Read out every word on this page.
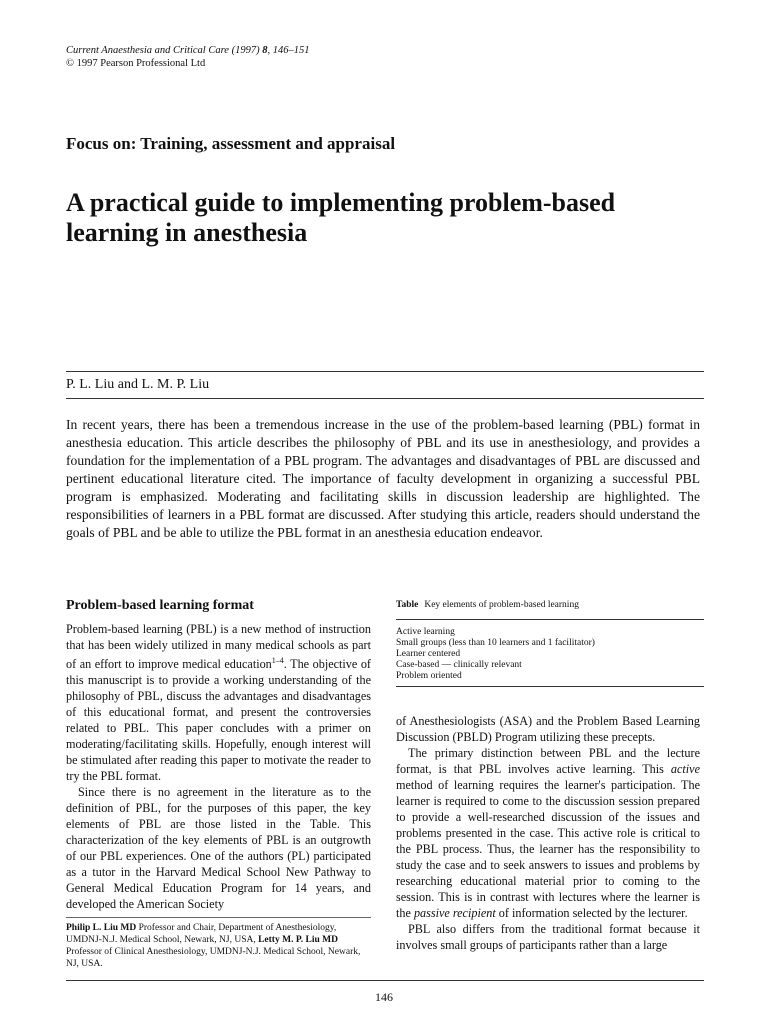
Current Anaesthesia and Critical Care (1997) 8, 146–151
© 1997 Pearson Professional Ltd
Focus on: Training, assessment and appraisal
A practical guide to implementing problem-based
learning in anesthesia
P. L. Liu and L. M. P. Liu
In recent years, there has been a tremendous increase in the use of the problem-based learning (PBL) format in anesthesia education. This article describes the philosophy of PBL and its use in anesthesiology, and provides a foundation for the implementation of a PBL program. The advantages and disadvantages of PBL are discussed and pertinent educational literature cited. The importance of faculty development in organizing a successful PBL program is emphasized. Moderating and facilitating skills in discussion leadership are highlighted. The responsibilities of learners in a PBL format are discussed. After studying this article, readers should understand the goals of PBL and be able to utilize the PBL format in an anesthesia education endeavor.
Problem-based learning format

Problem-based learning (PBL) is a new method of instruction that has been widely utilized in many medical schools as part of an effort to improve medical education$^{1-4}$. The objective of this manuscript is to provide a working understanding of the philosophy of PBL, discuss the advantages and disadvantages of this educational format, and present the controversies related to PBL. This paper concludes with a primer on moderating/facilitating skills. Hopefully, enough interest will be stimulated after reading this paper to motivate the reader to try the PBL format.

Since there is no agreement in the literature as to the definition of PBL, for the purposes of this paper, the key elements of PBL are those listed in the Table. This characterization of the key elements of PBL is an outgrowth of our PBL experiences. One of the authors (PL) participated as a tutor in the Harvard Medical School New Pathway to General Medical Education Program for 14 years, and developed the American Society

Philip L. Liu MD Professor and Chair, Department of Anesthesiology, UMDNJ-N.J. Medical School, Newark, NJ, USA, Letty M. P. Liu MD Professor of Clinical Anesthesiology, UMDNJ-N.J. Medical School, Newark, NJ, USA.
Table Key elements of problem-based learning
Active learning
Small groups (less than 10 learners and 1 facilitator)
Learner centered
Case-based — clinically relevant
Problem oriented

of Anesthesiologists (ASA) and the Problem Based Learning Discussion (PBLD) Program utilizing these precepts.

The primary distinction between PBL and the lecture format, is that PBL involves active learning. This active method of learning requires the learner's participation. The learner is required to come to the discussion session prepared to provide a well-researched discussion of the issues and problems presented in the case. This active role is critical to the PBL process. Thus, the learner has the responsibility to study the case and to seek answers to issues and problems by researching educational material prior to coming to the session. This is in contrast with lectures where the learner is the passive recipient of information selected by the lecturer.

PBL also differs from the traditional format because it involves small groups of participants rather than a large

146
